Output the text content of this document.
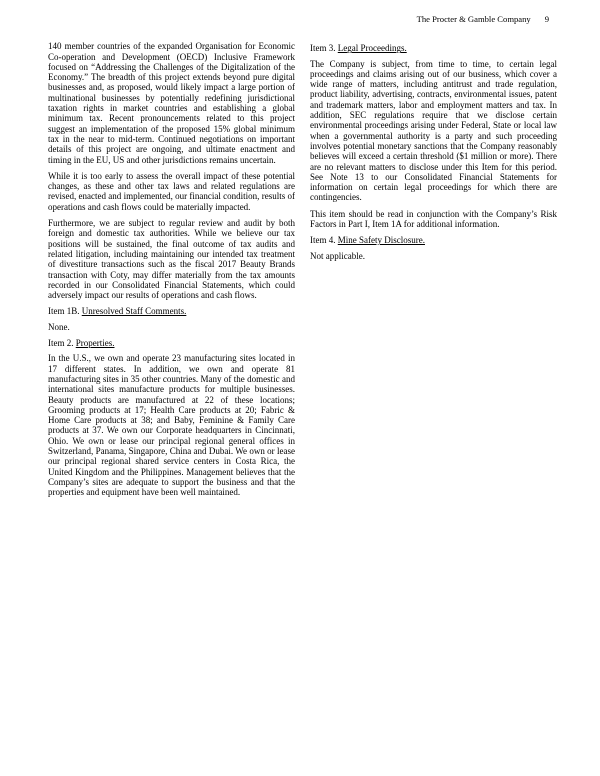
The Procter & Gamble Company 9

140 member countries of the expanded Organisation for Economic Co-operation and Development (OECD) Inclusive Framework focused on “Addressing the Challenges of the Digitalization of the Economy.” The breadth of this project extends beyond pure digital businesses and, as proposed, would likely impact a large portion of multinational businesses by potentially redefining jurisdictional taxation rights in market countries and establishing a global minimum tax. Recent pronouncements related to this project suggest an implementation of the proposed 15% global minimum tax in the near to mid-term. Continued negotiations on important details of this project are ongoing, and ultimate enactment and timing in the EU, US and other jurisdictions remains uncertain.

While it is too early to assess the overall impact of these potential changes, as these and other tax laws and related regulations are revised, enacted and implemented, our financial condition, results of operations and cash flows could be materially impacted.

Furthermore, we are subject to regular review and audit by both foreign and domestic tax authorities. While we believe our tax positions will be sustained, the final outcome of tax audits and related litigation, including maintaining our intended tax treatment of divestiture transactions such as the fiscal 2017 Beauty Brands transaction with Coty, may differ materially from the tax amounts recorded in our Consolidated Financial Statements, which could adversely impact our results of operations and cash flows.

Item 1B. Unresolved Staff Comments.

None.

Item 2. Properties.

In the U.S., we own and operate 23 manufacturing sites located in 17 different states. In addition, we own and operate 81 manufacturing sites in 35 other countries. Many of the domestic and international sites manufacture products for multiple businesses. Beauty products are manufactured at 22 of these locations; Grooming products at 17; Health Care products at 20; Fabric & Home Care products at 38; and Baby, Feminine & Family Care products at 37. We own our Corporate headquarters in Cincinnati, Ohio. We own or lease our principal regional general offices in Switzerland, Panama, Singapore, China and Dubai. We own or lease our principal regional shared service centers in Costa Rica, the United Kingdom and the Philippines. Management believes that the Company’s sites are adequate to support the business and that the properties and equipment have been well maintained.

Item 3. Legal Proceedings.

The Company is subject, from time to time, to certain legal proceedings and claims arising out of our business, which cover a wide range of matters, including antitrust and trade regulation, product liability, advertising, contracts, environmental issues, patent and trademark matters, labor and employment matters and tax. In addition, SEC regulations require that we disclose certain environmental proceedings arising under Federal, State or local law when a governmental authority is a party and such proceeding involves potential monetary sanctions that the Company reasonably believes will exceed a certain threshold ($1 million or more). There are no relevant matters to disclose under this Item for this period. See Note 13 to our Consolidated Financial Statements for information on certain legal proceedings for which there are contingencies.

This item should be read in conjunction with the Company’s Risk Factors in Part I, Item 1A for additional information.

Item 4. Mine Safety Disclosure.

Not applicable.
